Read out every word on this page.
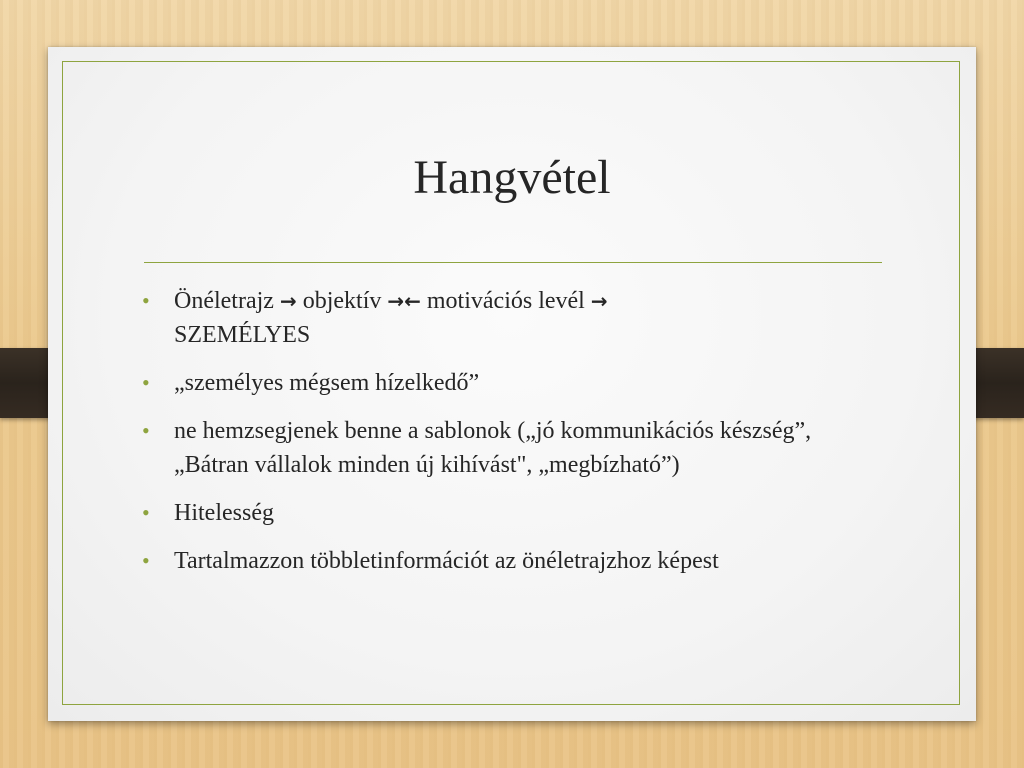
Hangvétel
• Önéletrajz → objektív →← motivációs levél →
SZEMÉLYES
• „személyes mégsem hízelkedő”
• ne hemzsegjenek benne a sablonok („jó kommunikációs készség”, „Bátran vállalok minden új kihívást", „megbízható”)
• Hitelesség
• Tartalmazzon többletinformációt az önéletrajzhoz képest
